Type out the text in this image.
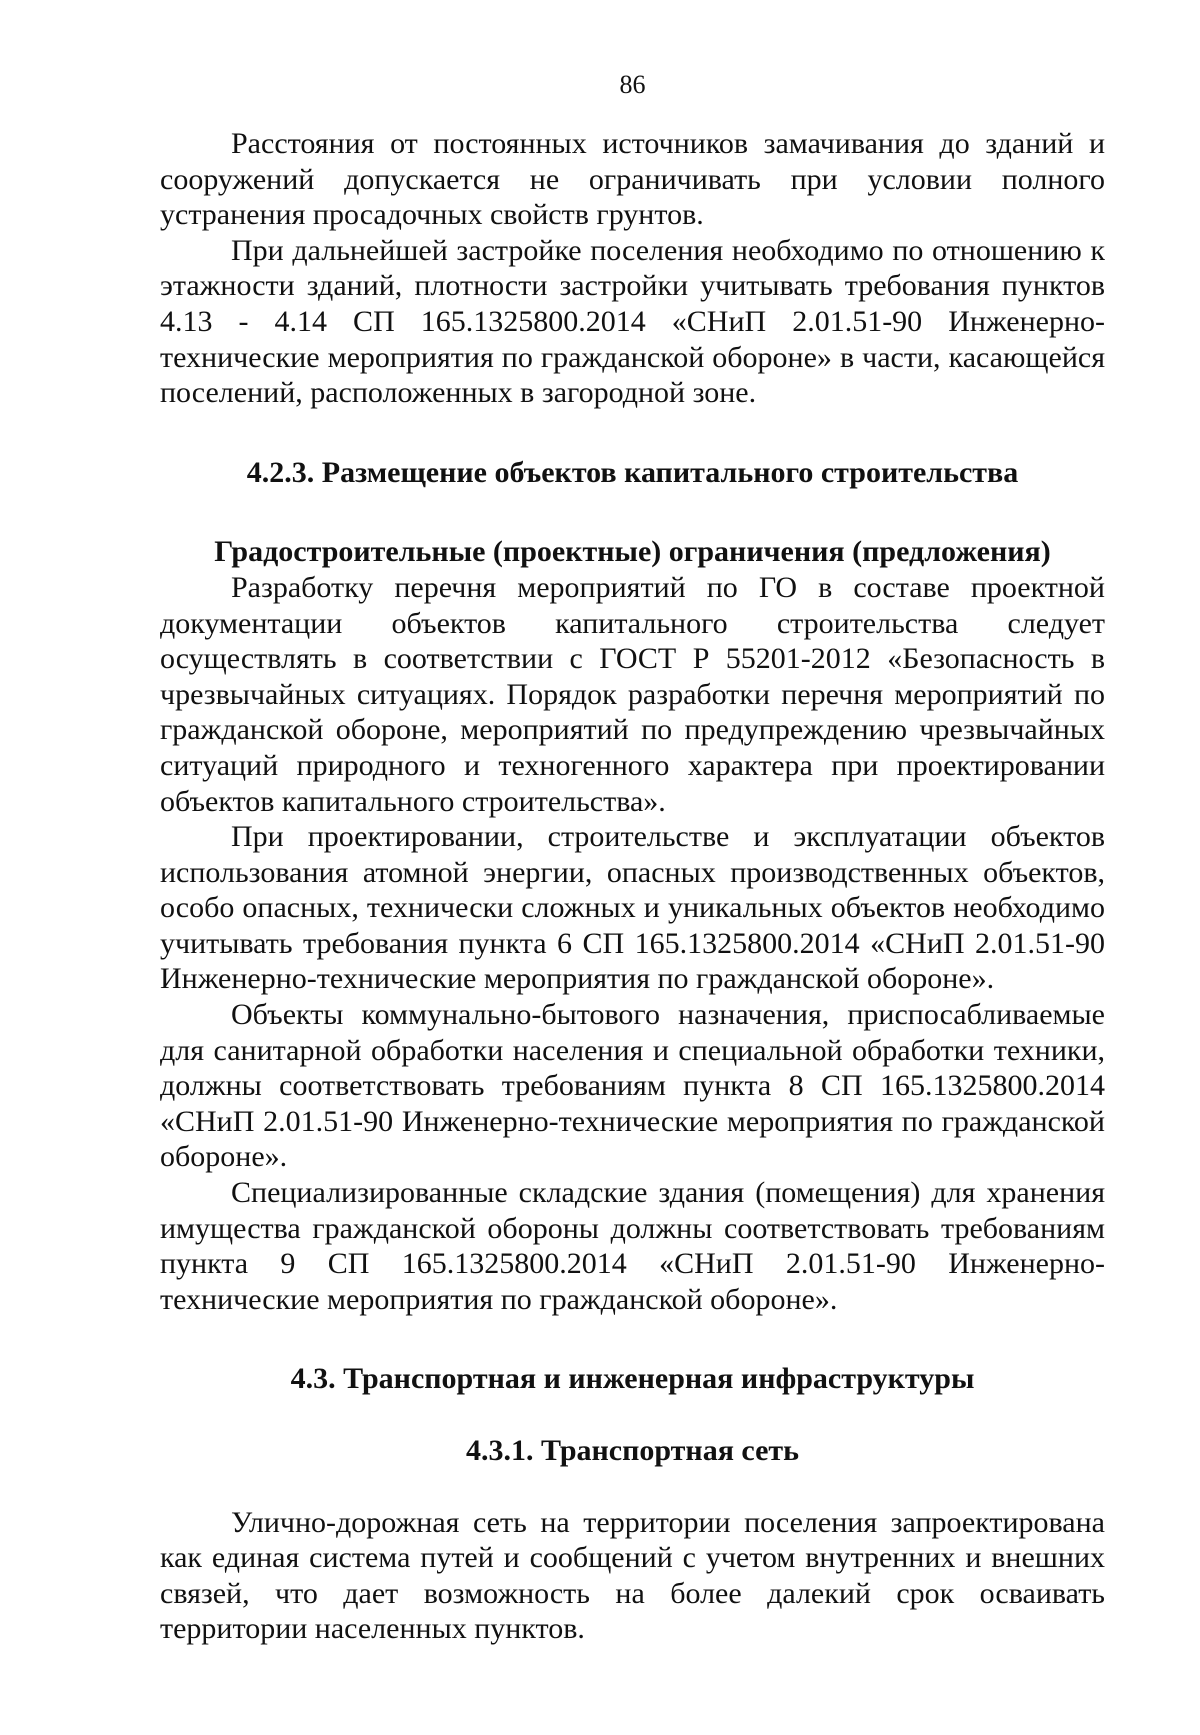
86

Расстояния от постоянных источников замачивания до зданий и сооружений допускается не ограничивать при условии полного устранения просадочных свойств грунтов.

При дальнейшей застройке поселения необходимо по отношению к этажности зданий, плотности застройки учитывать требования пунктов 4.13 - 4.14 СП 165.1325800.2014 «СНиП 2.01.51-90 Инженерно-технические мероприятия по гражданской обороне» в части, касающейся поселений, расположенных в загородной зоне.

4.2.3. Размещение объектов капитального строительства
Градостроительные (проектные) ограничения (предложения)

Разработку перечня мероприятий по ГО в составе проектной документации объектов капитального строительства следует осуществлять в соответствии с ГОСТ Р 55201-2012 «Безопасность в чрезвычайных ситуациях. Порядок разработки перечня мероприятий по гражданской обороне, мероприятий по предупреждению чрезвычайных ситуаций природного и техногенного характера при проектировании объектов капитального строительства».

При проектировании, строительстве и эксплуатации объектов использования атомной энергии, опасных производственных объектов, особо опасных, технически сложных и уникальных объектов необходимо учитывать требования пункта 6 СП 165.1325800.2014 «СНиП 2.01.51-90 Инженерно-технические мероприятия по гражданской обороне».

Объекты коммунально-бытового назначения, приспосабливаемые для санитарной обработки населения и специальной обработки техники, должны соответствовать требованиям пункта 8 СП 165.1325800.2014 «СНиП 2.01.51-90 Инженерно-технические мероприятия по гражданской обороне».

Специализированные складские здания (помещения) для хранения имущества гражданской обороны должны соответствовать требованиям пункта 9 СП 165.1325800.2014 «СНиП 2.01.51-90 Инженерно-технические мероприятия по гражданской обороне».

4.3. Транспортная и инженерная инфраструктуры
4.3.1. Транспортная сеть

Улично-дорожная сеть на территории поселения запроектирована как единая система путей и сообщений с учетом внутренних и внешних связей, что дает возможность на более далекий срок осваивать территории населенных пунктов.
